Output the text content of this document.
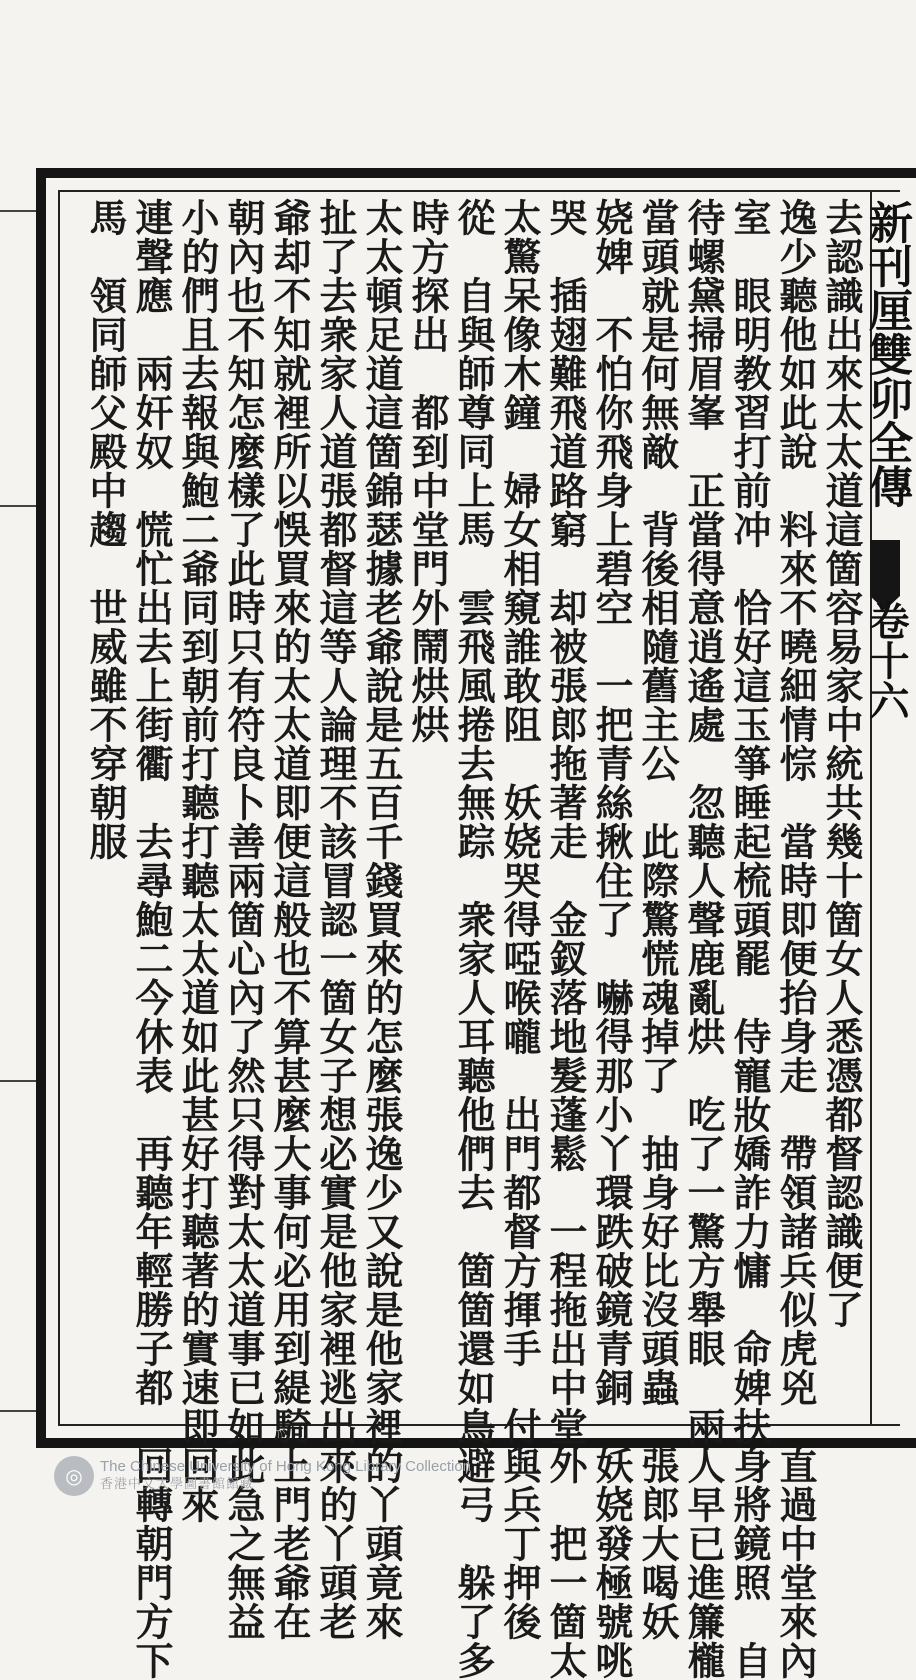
新刊厘雙卯全傳
卷十六
去認識出來太太道這箇容易家中統共幾十箇女人悉憑都督認識便了
逸少聽他如此說　料來不曉細情悰　當時即便抬身走　帶領諸兵似虎兇　直過中堂來內
室　眼明教習打前冲　恰好這玉箏睡起梳頭罷　侍寵妝嬌詐力慵　命婢扶身將鏡照　自
待螺黛掃眉峯　正當得意逍遙處　忽聽人聲鹿亂烘　吃了一驚方舉眼　兩人早已進簾櫳
當頭就是何無敵　背後相隨舊主公　此際驚慌魂掉了　抽身好比沒頭蟲　張郎大喝妖
娆婢　不怕你飛身上碧空　一把青絲揪住了　嚇得那小丫環跌破鏡青銅　妖娆發極號咷
哭　插翅難飛道路窮　却被張郎拖著走　金釵落地髮蓬鬆　一程拖出中堂外　把一箇太
太驚呆像木鐘　婦女相窺誰敢阻　妖娆哭得啞喉嚨　出門都督方揮手　付與兵丁押後
從　自與師尊同上馬　雲飛風捲去無踪　衆家人耳聽他們去　箇箇還如鳥避弓　躲了多
時方探出　都到中堂門外鬧烘烘
太太頓足道這箇錦瑟據老爺說是五百千錢買來的怎麼張逸少又說是他家裡的丫頭竟來
扯了去衆家人道張都督這等人論理不該冒認一箇女子想必實是他家裡逃出來的丫頭老
爺却不知就裡所以悞買來的太太道即便這般也不算甚麼大事何必用到緹騎上門老爺在
朝內也不知怎麼樣了此時只有符良卜善兩箇心內了然只得對太太道事已如此急之無益
小的們且去報與鮑二爺同到朝前打聽打聽太太道如此甚好打聽著的實速即回來
連聲應　兩奸奴　慌忙出去上街衢　去尋鮑二今休表　再聽年輕勝子都　回轉朝門方下
馬　領同師父殿中趨　世威雖不穿朝服
◎ The Chinese University of Hong Kong Library Collection
香港中文大學圖書館館藏
